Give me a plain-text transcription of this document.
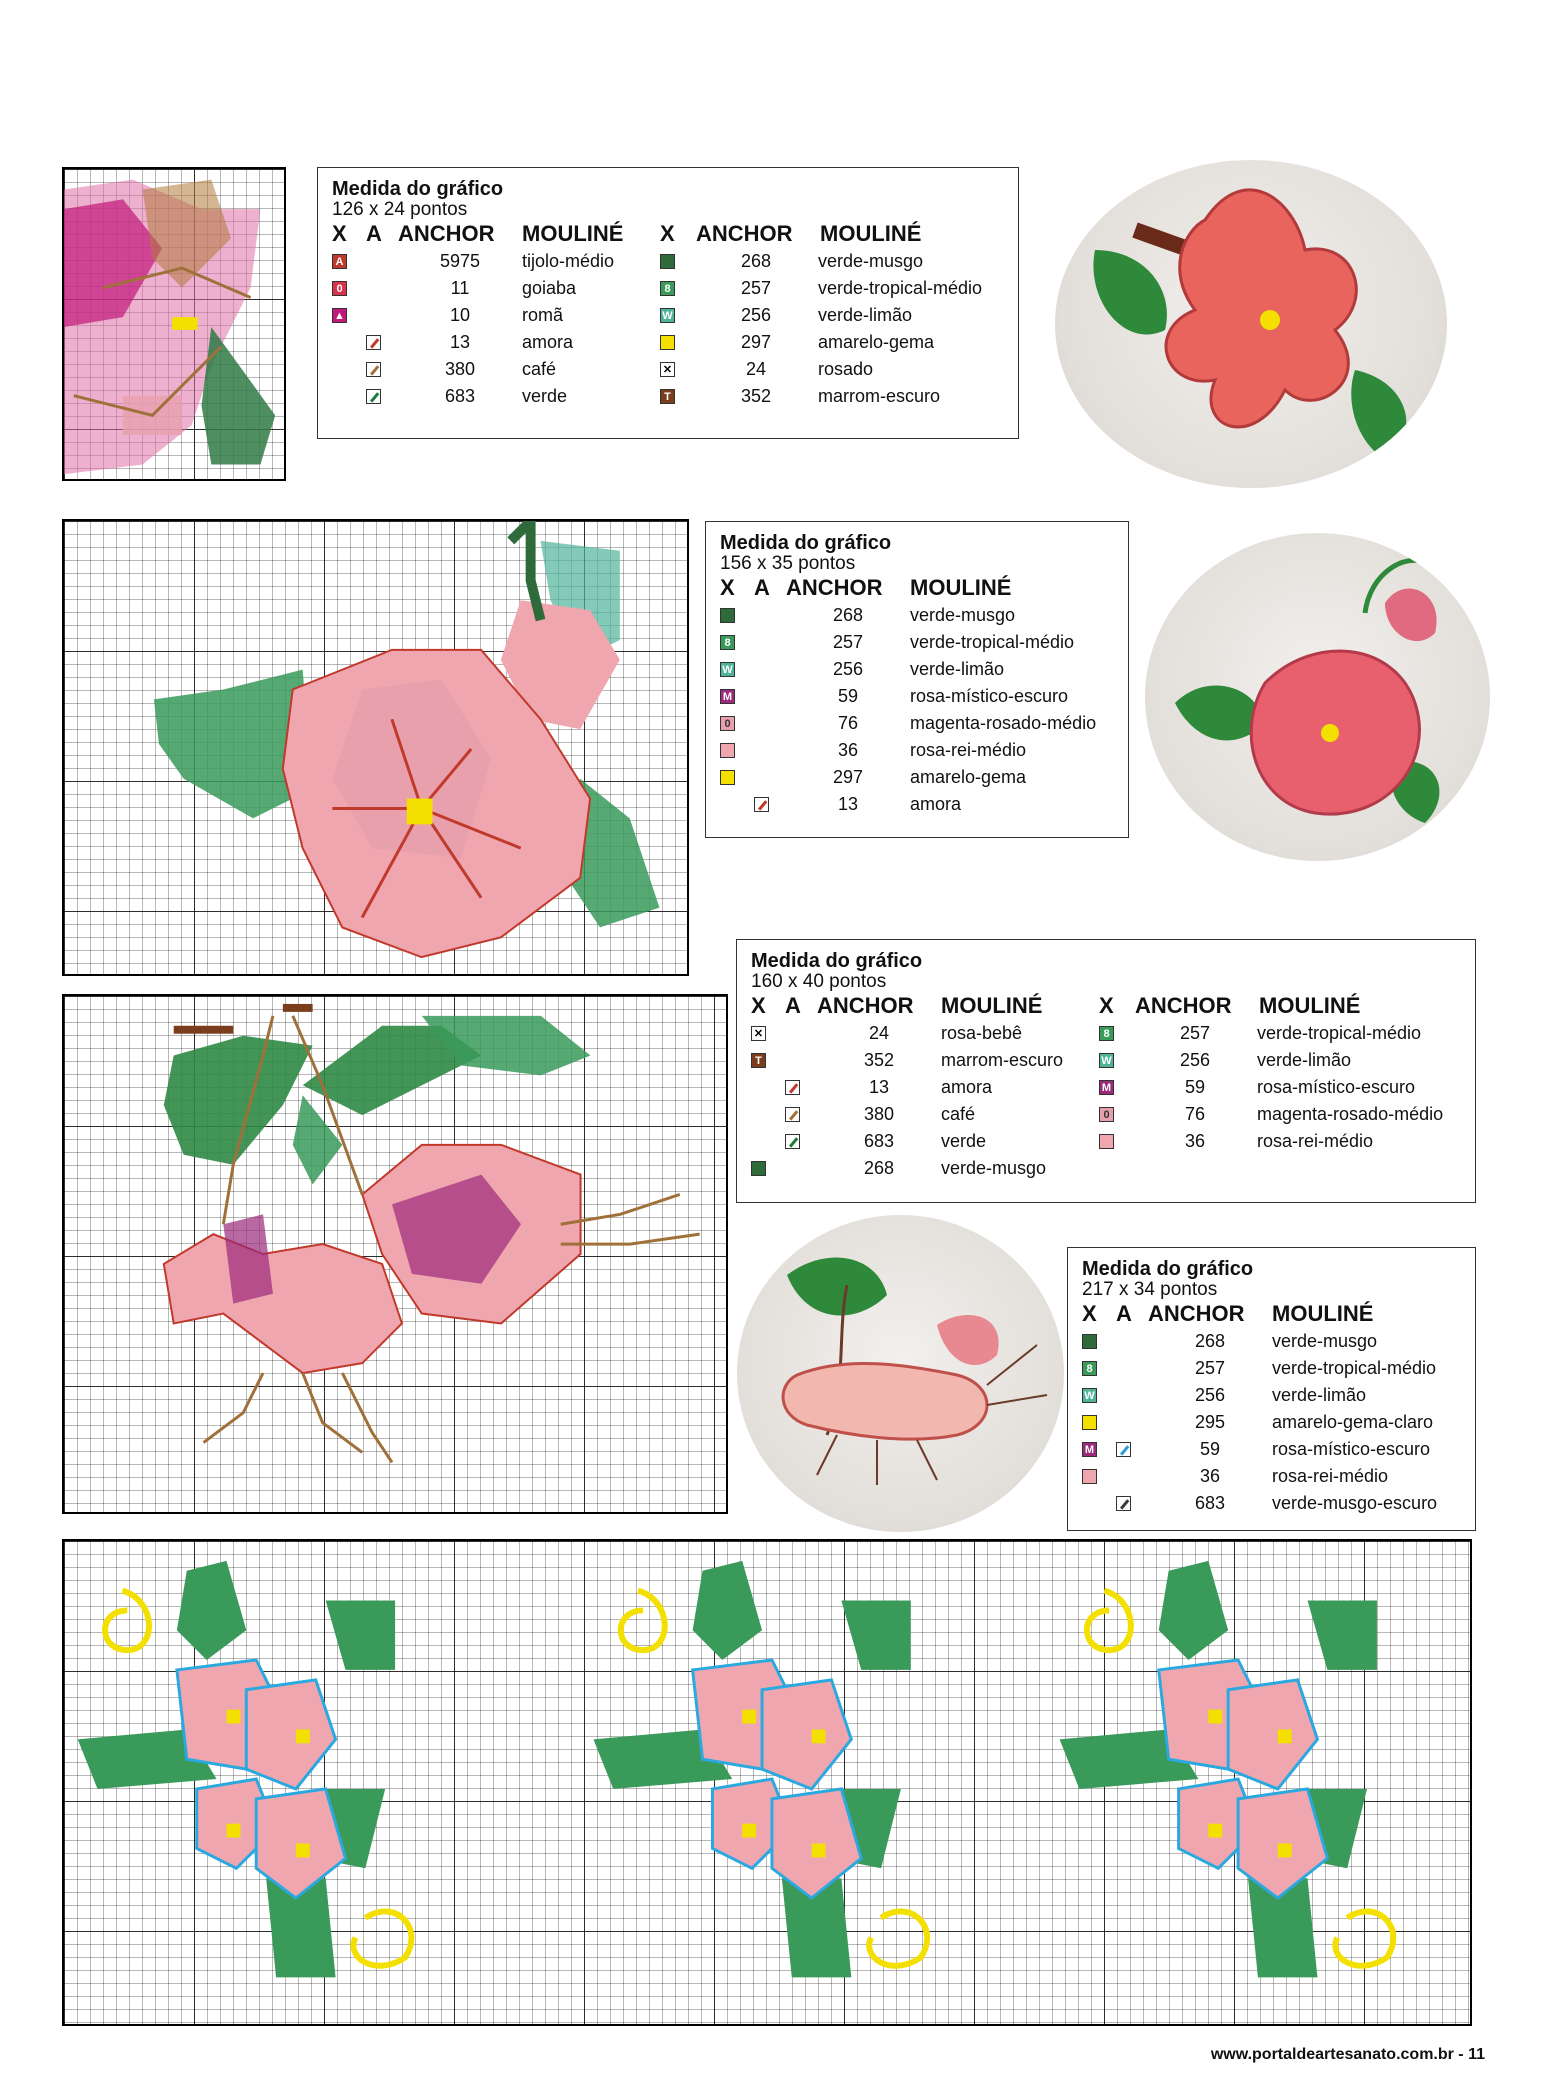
Medida do gráfico
126 x 24 pontos
X A ANCHOR	MOULINÉ
A	5975	tijolo-médio
0	11	goiaba
▲	10	romã
13	amora
380	café
683	verde
X ANCHOR	MOULINÉ
268	verde-musgo
8	257	verde-tropical-médio
W	256	verde-limão
297	amarelo-gema
✕	24	rosado
T	352	marrom-escuro
Medida do gráfico
156 x 35 pontos
X A ANCHOR	MOULINÉ
268	verde-musgo
8	257	verde-tropical-médio
W	256	verde-limão
M	59	rosa-místico-escuro
0	76	magenta-rosado-médio
36	rosa-rei-médio
297	amarelo-gema
13	amora
Medida do gráfico
160 x 40 pontos
X A ANCHOR	MOULINÉ
✕	24	rosa-bebê
T	352	marrom-escuro
13	amora
380	café
683	verde
268	verde-musgo
X ANCHOR	MOULINÉ
8	257	verde-tropical-médio
W	256	verde-limão
M	59	rosa-místico-escuro
0	76	magenta-rosado-médio
36	rosa-rei-médio
Medida do gráfico
217 x 34 pontos
X A ANCHOR	MOULINÉ
268	verde-musgo
8	257	verde-tropical-médio
W	256	verde-limão
295	amarelo-gema-claro
M	59	rosa-místico-escuro
36	rosa-rei-médio
683	verde-musgo-escuro
www.portaldeartesanato.com.br - 11
